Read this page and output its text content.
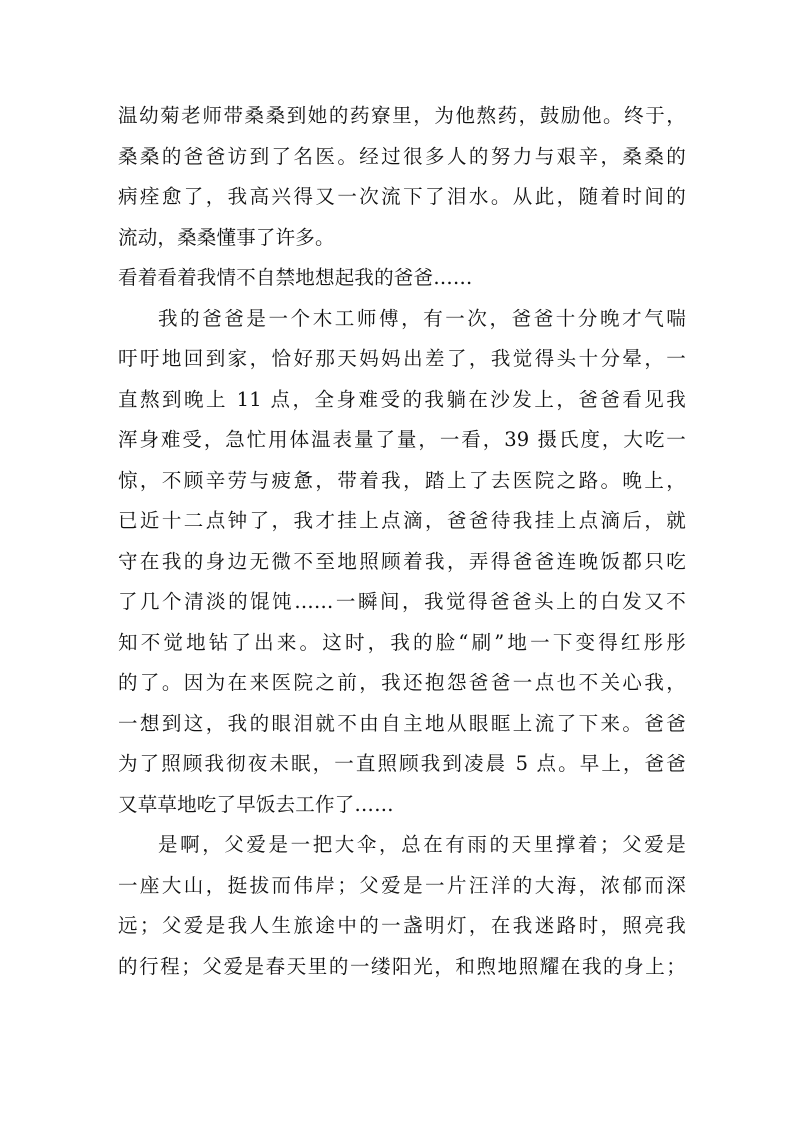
温幼菊老师带桑桑到她的药寮里，为他熬药，鼓励他。终于，
桑桑的爸爸访到了名医。经过很多人的努力与艰辛，桑桑的
病痊愈了，我高兴得又一次流下了泪水。从此，随着时间的
流动，桑桑懂事了许多。
看着看着我情不自禁地想起我的爸爸……
我的爸爸是一个木工师傅，有一次，爸爸十分晚才气喘
吁吁地回到家，恰好那天妈妈出差了，我觉得头十分晕，一
直熬到晚上 11 点，全身难受的我躺在沙发上，爸爸看见我
浑身难受，急忙用体温表量了量，一看，39 摄氏度，大吃一
惊，不顾辛劳与疲惫，带着我，踏上了去医院之路。晚上，
已近十二点钟了，我才挂上点滴，爸爸待我挂上点滴后，就
守在我的身边无微不至地照顾着我，弄得爸爸连晚饭都只吃
了几个清淡的馄饨……一瞬间，我觉得爸爸头上的白发又不
知不觉地钻了出来。这时，我的脸“刷”地一下变得红彤彤
的了。因为在来医院之前，我还抱怨爸爸一点也不关心我，
一想到这，我的眼泪就不由自主地从眼眶上流了下来。爸爸
为了照顾我彻夜未眠，一直照顾我到凌晨 5 点。早上，爸爸
又草草地吃了早饭去工作了……
是啊，父爱是一把大伞，总在有雨的天里撑着；父爱是
一座大山，挺拔而伟岸；父爱是一片汪洋的大海，浓郁而深
远；父爱是我人生旅途中的一盏明灯，在我迷路时，照亮我
的行程；父爱是春天里的一缕阳光，和煦地照耀在我的身上；
